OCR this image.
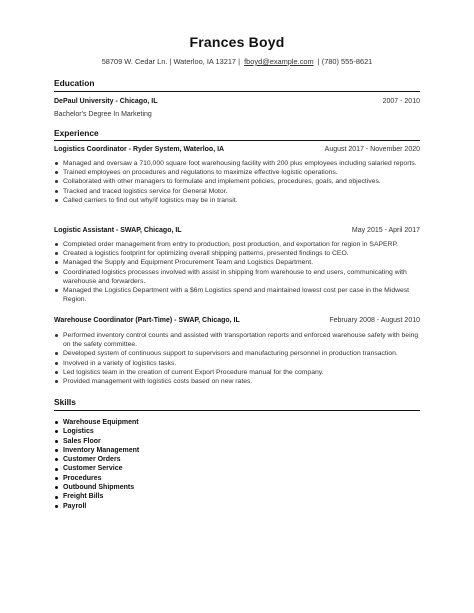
Frances Boyd
58709 W. Cedar Ln. | Waterloo, IA 13217 | fboyd@example.com | (780) 555-8621
Education
DePaul University - Chicago, IL	2007 - 2010
Bachelor's Degree In Marketing
Experience
Logistics Coordinator - Ryder System, Waterloo, IA	August 2017 - November 2020
Managed and oversaw a 710,000 square foot warehousing facility with 200 plus employees including salaried reports.
Trained employees on procedures and regulations to maximize effective logistic operations.
Collaborated with other managers to formulate and implement policies, procedures, goals, and objectives.
Tracked and traced logistics service for General Motor.
Called carriers to find out why/if logistics may be in transit.
Logistic Assistant - SWAP, Chicago, IL	May 2015 - April 2017
Completed order management from entry to production, post production, and exportation for region in SAPERP.
Created a logistics footprint for optimizing overall shipping patterns, presented findings to CEO.
Managed the Supply and Equipment Procurement Team and Logistics Department.
Coordinated logistics processes involved with assist in shipping from warehouse to end users, communicating with warehouse and forwarders.
Managed the Logistics Department with a $6m Logistics spend and maintained lowest cost per case in the Midwest Region.
Warehouse Coordinator (Part-Time) - SWAP, Chicago, IL	February 2008 - August 2010
Performed inventory control counts and assisted with transportation reports and enforced warehouse safety with being on the safety committee.
Developed system of continuous support to supervisors and manufacturing personnel in production transaction.
Involved in a variety of logistics tasks.
Led logistics team in the creation of current Export Procedure manual for the company.
Provided management with logistics costs based on new rates.
Skills
Warehouse Equipment
Logistics
Sales Floor
Inventory Management
Customer Orders
Customer Service
Procedures
Outbound Shipments
Freight Bills
Payroll
